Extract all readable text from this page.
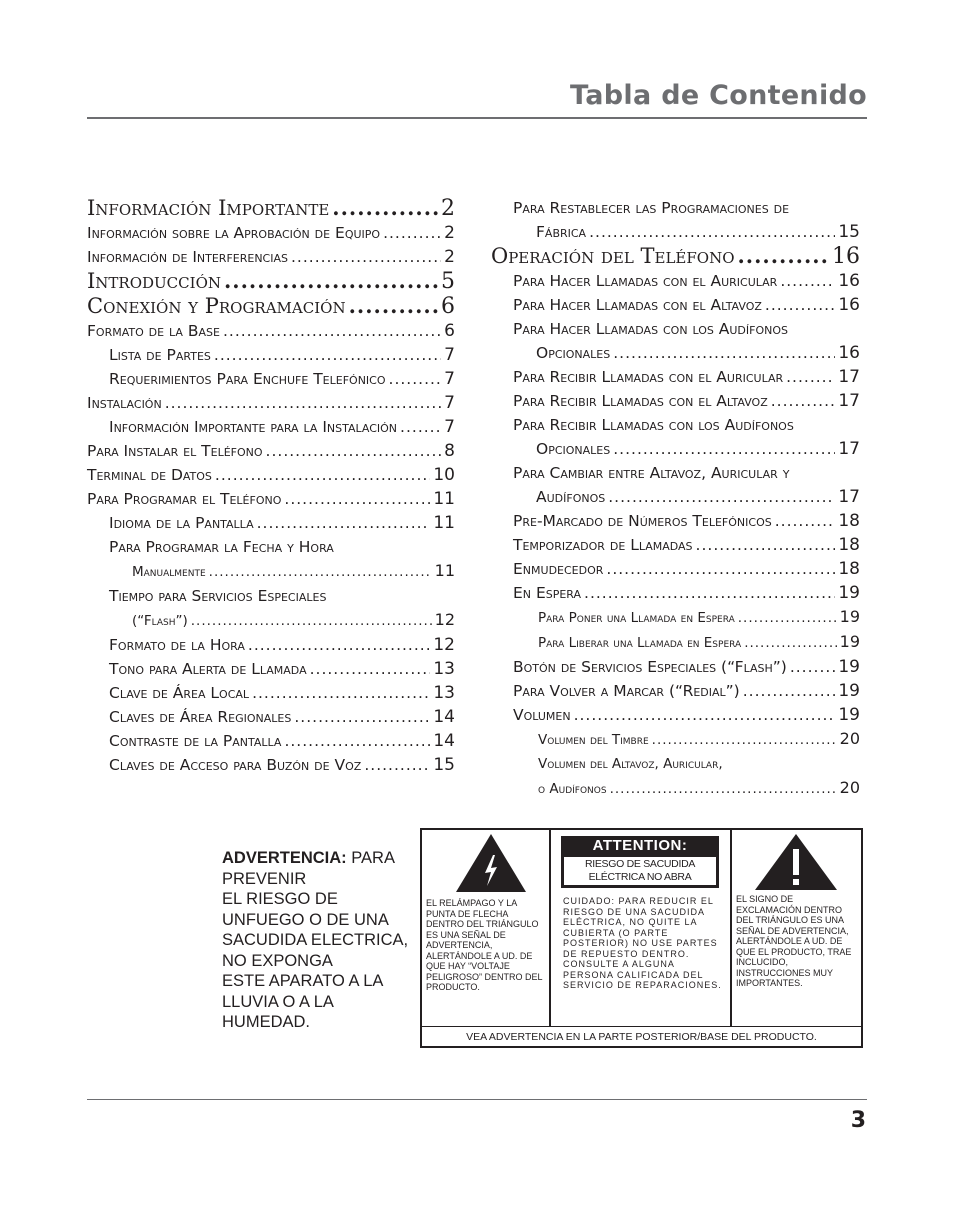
Tabla de Contenido
Información Importante .....	2
Información sobre la Aprobación de Equipo .....	2
Información de Interferencias .....	2
Introducción .....	5
Conexión y Programación .....	6
Formato de la Base .....	6
Lista de Partes .....	7
Requerimientos Para Enchufe Telefónico .....	7
Instalación .....	7
Información Importante para la Instalación .....	7
Para Instalar el Teléfono .....	8
Terminal de Datos .....	10
Para Programar el Teléfono .....	11
Idioma de la Pantalla .....	11
Para Programar la Fecha y Hora
Manualmente .....	11
Tiempo para Servicios Especiales
(“Flash”) .....	12
Formato de la Hora .....	12
Tono para Alerta de Llamada .....	13
Clave de Área Local .....	13
Claves de Área Regionales .....	14
Contraste de la Pantalla .....	14
Claves de Acceso para Buzón de Voz .....	15
Para Restablecer las Programaciones de
Fábrica .....	15
Operación del Teléfono .....	16
Para Hacer Llamadas con el Auricular .....	16
Para Hacer Llamadas con el Altavoz .....	16
Para Hacer Llamadas con los Audífonos
Opcionales .....	16
Para Recibir Llamadas con el Auricular .....	17
Para Recibir Llamadas con el Altavoz .....	17
Para Recibir Llamadas con los Audífonos
Opcionales .....	17
Para Cambiar entre Altavoz, Auricular y
Audífonos .....	17
Pre-Marcado de Números Telefónicos .....	18
Temporizador de Llamadas .....	18
Enmudecedor .....	18
En Espera .....	19
Para Poner una Llamada en Espera .....	19
Para Liberar una Llamada en Espera .....	19
Botón de Servicios Especiales (“Flash”) .....	19
Para Volver a Marcar (“Redial”) .....	19
Volumen .....	19
Volumen del Timbre .....	20
Volumen del Altavoz, Auricular,
o Audífonos .....	20
ADVERTENCIA: PARA PREVENIR
EL RIESGO DE UNFUEGO O DE UNA SACUDIDA ELECTRICA, NO EXPONGA
ESTE APARATO A LA LLUVIA O A LA HUMEDAD.
EL RELÁMPAGO Y LA PUNTA DE FLECHA DENTRO DEL TRIÁNGULO ES UNA SEÑAL DE ADVERTENCIA, ALERTÁNDOLE A UD. DE QUE HAY “VOLTAJE PELIGROSO” DENTRO DEL PRODUCTO.
ATTENTION:
RIESGO DE SACUDIDA ELÉCTRICA NO ABRA
CUIDADO: PARA REDUCIR EL RIESGO DE UNA SACUDIDA ELÉCTRICA, NO QUITE LA CUBIERTA (O PARTE POSTERIOR) NO USE PARTES DE REPUESTO DENTRO. CONSULTE A ALGUNA PERSONA CALIFICADA DEL SERVICIO DE REPARACIONES.
EL SIGNO DE EXCLAMACIÓN DENTRO DEL TRIÁNGULO ES UNA SEÑAL DE ADVERTENCIA, ALERTÁNDOLE A UD. DE QUE EL PRODUCTO, TRAE INCLUCIDO, INSTRUCCIONES MUY IMPORTANTES.
VEA ADVERTENCIA EN LA PARTE POSTERIOR/BASE DEL PRODUCTO.
3
